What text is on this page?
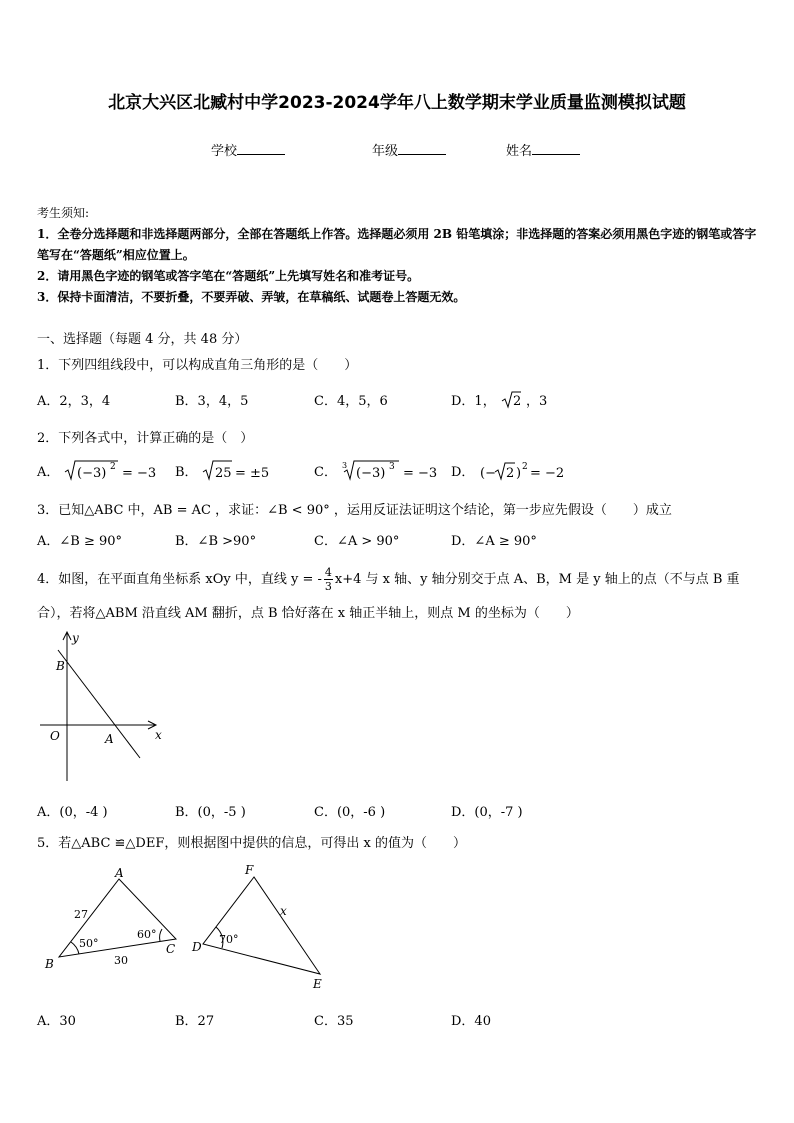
北京大兴区北臧村中学2023-2024学年八上数学期末学业质量监测模拟试题
学校	年级	姓名
考生须知:
1．全卷分选择题和非选择题两部分，全部在答题纸上作答。选择题必须用 2B 铅笔填涂；非选择题的答案必须用黑色字迹的钢笔或答字笔写在“答题纸”相应位置上。
2．请用黑色字迹的钢笔或答字笔在“答题纸”上先填写姓名和准考证号。
3．保持卡面清洁，不要折叠，不要弄破、弄皱，在草稿纸、试题卷上答题无效。
一、选择题（每题 4 分，共 48 分）
1．下列四组线段中，可以构成直角三角形的是（　　）
A．2，3，4	B．3，4，5	C．4，5，6	D．1， 2 ，3
2．下列各式中，计算正确的是（　）
A． (−3) 2 = −3 B． 25 = ±5	C． 3
(−3) 3 = −3 D． (− 2 ) 2 = −2
3．已知△ABC 中，AB = AC ，求证：∠B < 90° ，运用反证法证明这个结论，第一步应先假设（　　）成立
A．∠B ≥ 90°	B．∠B >90°	C．∠A > 90°	D．∠A ≥ 90°
4．如图，在平面直角坐标系 xOy 中，直线 y = - $\frac{4}{3} x+4$ 与 x 轴、y 轴分别交于点 A、B，M 是 y 轴上的点（不与点 B 重
合），若将△ABM 沿直线 AM 翻折，点 B 恰好落在 x 轴正半轴上，则点 M 的坐标为（　　）
y
x
O	A
B
A．(0，-4 )	B．(0，-5 )	C．(0，-6 )	D．(0，-7 )
5．若△ABC ≌△DEF，则根据图中提供的信息，可得出 x 的值为（　　）
A
B
C
27
30
50°
60°
F
D
E
x
70°
A．30	B．27	C．35	D．40
